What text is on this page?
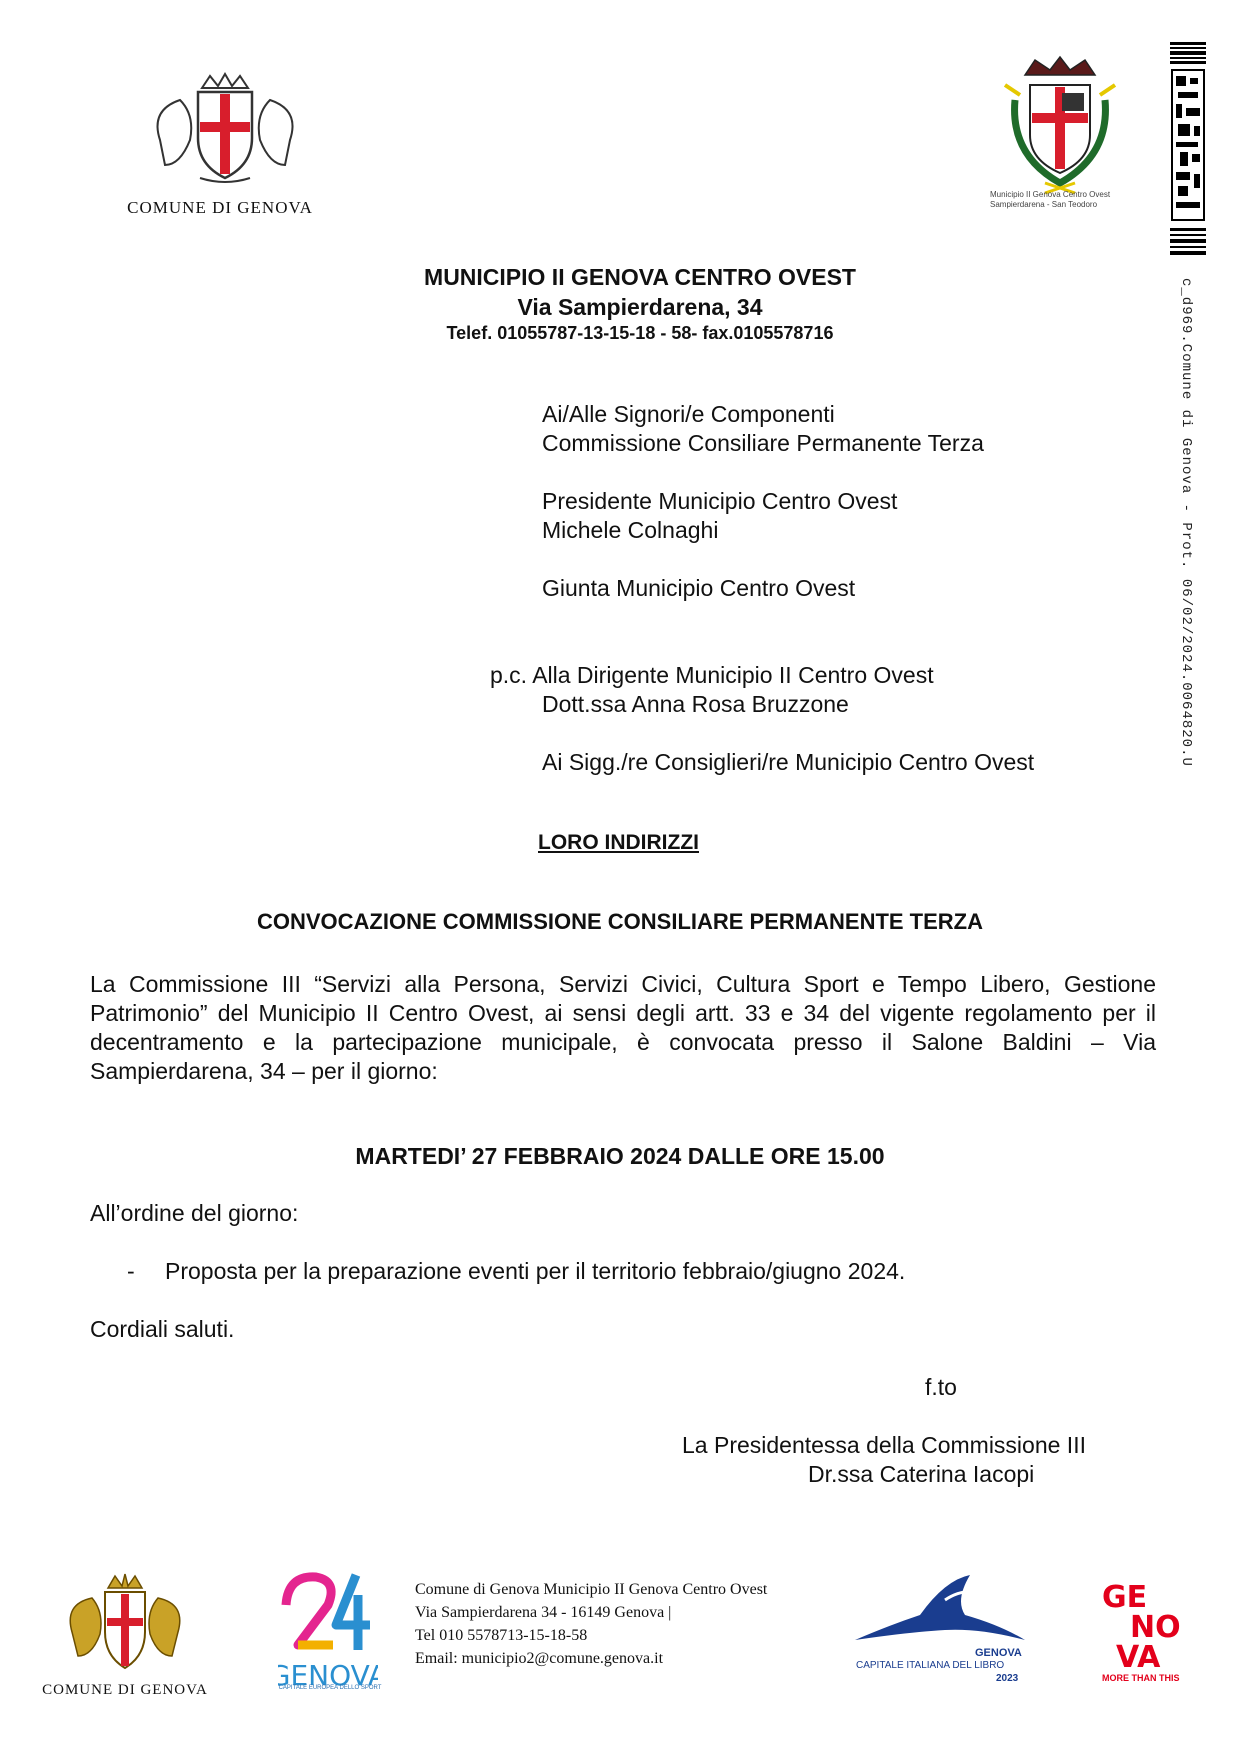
COMUNE DI GENOVA
Municipio II Genova Centro Ovest
Sampierdarena - San Teodoro
c_d969.Comune di Genova - Prot. 06/02/2024.0064820.U
MUNICIPIO II GENOVA CENTRO OVEST
Via Sampierdarena, 34
Telef. 01055787-13-15-18 - 58- fax.0105578716
Ai/Alle Signori/e Componenti
Commissione Consiliare Permanente Terza
Presidente Municipio Centro Ovest
Michele Colnaghi
Giunta Municipio Centro Ovest
p.c. Alla Dirigente Municipio II Centro Ovest
Dott.ssa Anna Rosa Bruzzone
Ai Sigg./re Consiglieri/re Municipio Centro Ovest
LORO INDIRIZZI
CONVOCAZIONE COMMISSIONE CONSILIARE PERMANENTE TERZA
La Commissione III “Servizi alla Persona, Servizi Civici, Cultura Sport e Tempo Libero, Gestione Patrimonio” del Municipio II Centro Ovest, ai sensi degli artt. 33 e 34 del vigente regolamento per il decentramento e la partecipazione municipale, è convocata presso il Salone Baldini – Via Sampierdarena, 34 – per il giorno:
MARTEDI’ 27 FEBBRAIO 2024 DALLE ORE 15.00
All’ordine del giorno:
- Proposta per la preparazione eventi per il territorio febbraio/giugno 2024.
Cordiali saluti.
f.to
La Presidentessa della Commissione III
Dr.ssa Caterina Iacopi
COMUNE DI GENOVA	GENOVA
CAPITALE EUROPEA DELLO SPORT
Comune di Genova Municipio II Genova Centro Ovest
Via Sampierdarena 34 - 16149 Genova |
Tel 010 5578713-15-18-58
Email: municipio2@comune.genova.it	GENOVA
CAPITALE ITALIANA DEL LIBRO
2023
GE
NO
VA
MORE THAN THIS
